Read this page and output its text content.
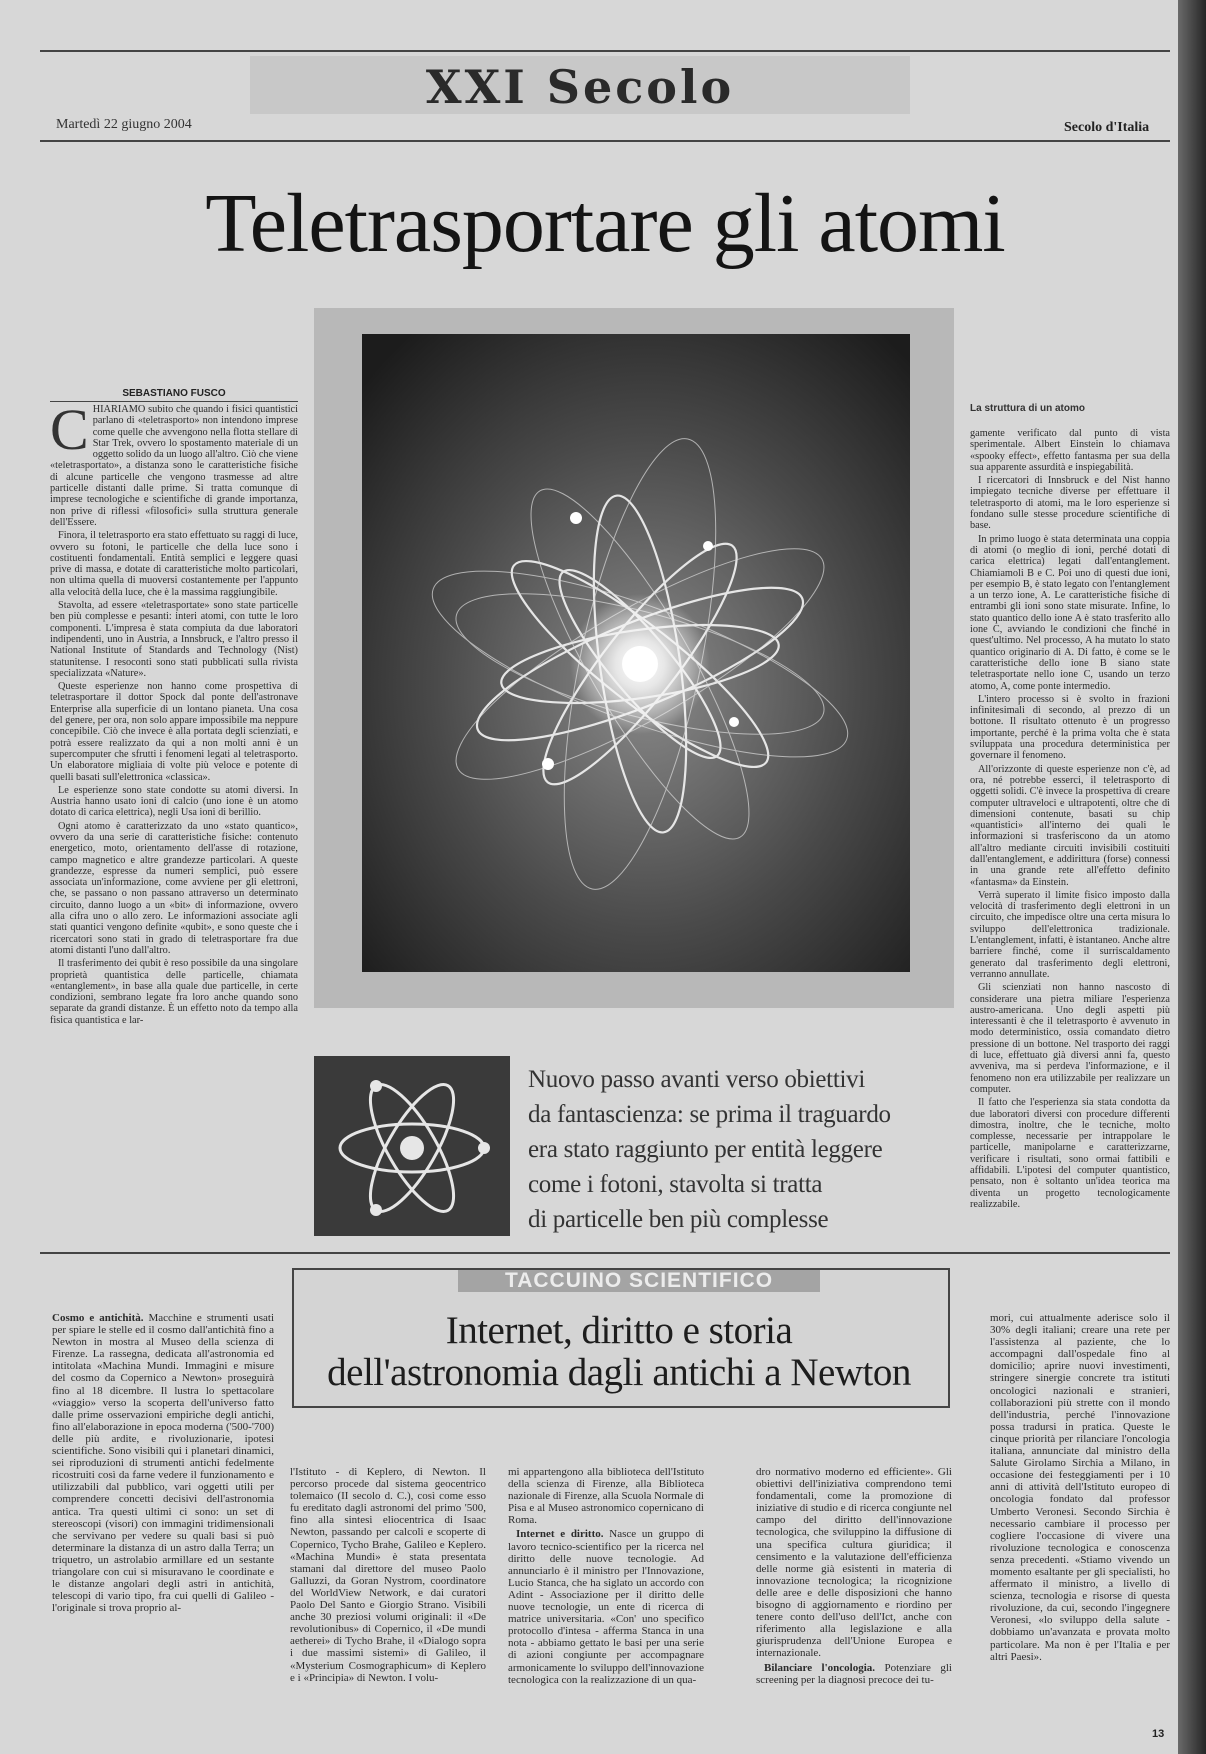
XXI Secolo
Martedì 22 giugno 2004	Secolo d'Italia
Teletrasportare gli atomi
SEBASTIANO FUSCO
C HIARIAMO subito che quando i fisici quantistici parlano di «teletrasporto» non intendono imprese come quelle che avvengono nella flotta stellare di Star Trek, ovvero lo spostamento materiale di un oggetto solido da un luogo all'altro. Ciò che viene «teletrasportato», a distanza sono le caratteristiche fisiche di alcune particelle che vengono trasmesse ad altre particelle distanti dalle prime. Si tratta comunque di imprese tecnologiche e scientifiche di grande importanza, non prive di riflessi «filosofici» sulla struttura generale dell'Essere.

Finora, il teletrasporto era stato effettuato su raggi di luce, ovvero su fotoni, le particelle che della luce sono i costituenti fondamentali. Entità semplici e leggere quasi prive di massa, e dotate di caratteristiche molto particolari, non ultima quella di muoversi costantemente per l'appunto alla velocità della luce, che è la massima raggiungibile.

Stavolta, ad essere «teletrasportate» sono state particelle ben più complesse e pesanti: interi atomi, con tutte le loro componenti. L'impresa è stata compiuta da due laboratori indipendenti, uno in Austria, a Innsbruck, e l'altro presso il National Institute of Standards and Technology (Nist) statunitense. I resoconti sono stati pubblicati sulla rivista specializzata «Nature».

Queste esperienze non hanno come prospettiva di teletrasportare il dottor Spock dal ponte dell'astronave Enterprise alla superficie di un lontano pianeta. Una cosa del genere, per ora, non solo appare impossibile ma neppure concepibile. Ciò che invece è alla portata degli scienziati, e potrà essere realizzato da qui a non molti anni è un supercomputer che sfrutti i fenomeni legati al teletrasporto. Un elaboratore migliaia di volte più veloce e potente di quelli basati sull'elettronica «classica».

Le esperienze sono state condotte su atomi diversi. In Austria hanno usato ioni di calcio (uno ione è un atomo dotato di carica elettrica), negli Usa ioni di berillio.

Ogni atomo è caratterizzato da uno «stato quantico», ovvero da una serie di caratteristiche fisiche: contenuto energetico, moto, orientamento dell'asse di rotazione, campo magnetico e altre grandezze particolari. A queste grandezze, espresse da numeri semplici, può essere associata un'informazione, come avviene per gli elettroni, che, se passano o non passano attraverso un determinato circuito, danno luogo a un «bit» di informazione, ovvero alla cifra uno o allo zero. Le informazioni associate agli stati quantici vengono definite «qubit», e sono queste che i ricercatori sono stati in grado di teletrasportare fra due atomi distanti l'uno dall'altro.

Il trasferimento dei qubit è reso possibile da una singolare proprietà quantistica delle particelle, chiamata «entanglement», in base alla quale due particelle, in certe condizioni, sembrano legate fra loro anche quando sono separate da grandi distanze. È un effetto noto da tempo alla fisica quantistica e lar-

La struttura di un atomo

gamente verificato dal punto di vista sperimentale. Albert Einstein lo chiamava «spooky effect», effetto fantasma per sua della sua apparente assurdità e inspiegabilità.

I ricercatori di Innsbruck e del Nist hanno impiegato tecniche diverse per effettuare il teletrasporto di atomi, ma le loro esperienze si fondano sulle stesse procedure scientifiche di base.

In primo luogo è stata determinata una coppia di atomi (o meglio di ioni, perché dotati di carica elettrica) legati dall'entanglement. Chiamiamoli B e C. Poi uno di questi due ioni, per esempio B, è stato legato con l'entanglement a un terzo ione, A. Le caratteristiche fisiche di entrambi gli ioni sono state misurate. Infine, lo stato quantico dello ione A è stato trasferito allo ione C, avviando le condizioni che finché in quest'ultimo. Nel processo, A ha mutato lo stato quantico originario di A. Di fatto, è come se le caratteristiche dello ione B siano state teletrasportate nello ione C, usando un terzo atomo, A, come ponte intermedio.

L'intero processo si è svolto in frazioni infinitesimali di secondo, al prezzo di un bottone. Il risultato ottenuto è un progresso importante, perché è la prima volta che è stata sviluppata una procedura deterministica per governare il fenomeno.

All'orizzonte di queste esperienze non c'è, ad ora, né potrebbe esserci, il teletrasporto di oggetti solidi. C'è invece la prospettiva di creare computer ultraveloci e ultrapotenti, oltre che di dimensioni contenute, basati su chip «quantistici» all'interno dei quali le informazioni si trasferiscono da un atomo all'altro mediante circuiti invisibili costituiti dall'entanglement, e addirittura (forse) connessi in una grande rete all'effetto definito «fantasma» da Einstein.

Verrà superato il limite fisico imposto dalla velocità di trasferimento degli elettroni in un circuito, che impedisce oltre una certa misura lo sviluppo dell'elettronica tradizionale. L'entanglement, infatti, è istantaneo. Anche altre barriere finché, come il surriscaldamento generato dal trasferimento degli elettroni, verranno annullate.

Gli scienziati non hanno nascosto di considerare una pietra miliare l'esperienza austro-americana. Uno degli aspetti più interessanti è che il teletrasporto è avvenuto in modo deterministico, ossia comandato dietro pressione di un bottone. Nel trasporto dei raggi di luce, effettuato già diversi anni fa, questo avveniva, ma si perdeva l'informazione, e il fenomeno non era utilizzabile per realizzare un computer.

Il fatto che l'esperienza sia stata condotta da due laboratori diversi con procedure differenti dimostra, inoltre, che le tecniche, molto complesse, necessarie per intrappolare le particelle, manipolarne e caratterizzarne, verificare i risultati, sono ormai fattibili e affidabili. L'ipotesi del computer quantistico, pensato, non è soltanto un'idea teorica ma diventa un progetto tecnologicamente realizzabile.

Nuovo passo avanti verso obiettivi
da fantascienza: se prima il traguardo
era stato raggiunto per entità leggere
come i fotoni, stavolta si tratta
di particelle ben più complesse
TACCUINO SCIENTIFICO
Internet, diritto e storia
dell'astronomia dagli antichi a Newton

Cosmo e antichità. Macchine e strumenti usati per spiare le stelle ed il cosmo dall'antichità fino a Newton in mostra al Museo della scienza di Firenze. La rassegna, dedicata all'astronomia ed intitolata «Machina Mundi. Immagini e misure del cosmo da Copernico a Newton» proseguirà fino al 18 dicembre. Il lustra lo spettacolare «viaggio» verso la scoperta dell'universo fatto dalle prime osservazioni empiriche degli antichi, fino all'elaborazione in epoca moderna ('500-'700) delle più ardite, e rivoluzionarie, ipotesi scientifiche. Sono visibili qui i planetari dinamici, sei riproduzioni di strumenti antichi fedelmente ricostruiti così da farne vedere il funzionamento e utilizzabili dal pubblico, vari oggetti utili per comprendere concetti decisivi dell'astronomia antica. Tra questi ultimi ci sono: un set di stereoscopi (visori) con immagini tridimensionali che servivano per vedere su quali basi si può determinare la distanza di un astro dalla Terra; un triquetro, un astrolabio armillare ed un sestante triangolare con cui si misuravano le coordinate e le distanze angolari degli astri in antichità, telescopi di vario tipo, fra cui quelli di Galileo - l'originale si trova proprio al-

l'Istituto - di Keplero, di Newton. Il percorso procede dal sistema geocentrico tolemaico (II secolo d. C.), così come esso fu ereditato dagli astronomi del primo '500, fino alla sintesi eliocentrica di Isaac Newton, passando per calcoli e scoperte di Copernico, Tycho Brahe, Galileo e Keplero. «Machina Mundi» è stata presentata stamani dal direttore del museo Paolo Galluzzi, da Goran Nystrom, coordinatore del WorldView Network, e dai curatori Paolo Del Santo e Giorgio Strano. Visibili anche 30 preziosi volumi originali: il «De revolutionibus» di Copernico, il «De mundi aetherei» di Tycho Brahe, il «Dialogo sopra i due massimi sistemi» di Galileo, il «Mysterium Cosmographicum» di Keplero e i «Principia» di Newton. I volu-

mi appartengono alla biblioteca dell'Istituto della scienza di Firenze, alla Biblioteca nazionale di Firenze, alla Scuola Normale di Pisa e al Museo astronomico copernicano di Roma.

Internet e diritto. Nasce un gruppo di lavoro tecnico-scientifico per la ricerca nel diritto delle nuove tecnologie. Ad annunciarlo è il ministro per l'Innovazione, Lucio Stanca, che ha siglato un accordo con Adint - Associazione per il diritto delle nuove tecnologie, un ente di ricerca di matrice universitaria. «Con' uno specifico protocollo d'intesa - afferma Stanca in una nota - abbiamo gettato le basi per una serie di azioni congiunte per accompagnare armonicamente lo sviluppo dell'innovazione tecnologica con la realizzazione di un qua-

dro normativo moderno ed efficiente». Gli obiettivi dell'iniziativa comprendono temi fondamentali, come la promozione di iniziative di studio e di ricerca congiunte nel campo del diritto dell'innovazione tecnologica, che sviluppino la diffusione di una specifica cultura giuridica; il censimento e la valutazione dell'efficienza delle norme già esistenti in materia di innovazione tecnologica; la ricognizione delle aree e delle disposizioni che hanno bisogno di aggiornamento e riordino per tenere conto dell'uso dell'Ict, anche con riferimento alla legislazione e alla giurisprudenza dell'Unione Europea e internazionale.

Bilanciare l'oncologia. Potenziare gli screening per la diagnosi precoce dei tu-

mori, cui attualmente aderisce solo il 30% degli italiani; creare una rete per l'assistenza al paziente, che lo accompagni dall'ospedale fino al domicilio; aprire nuovi investimenti, stringere sinergie concrete tra istituti oncologici nazionali e stranieri, collaborazioni più strette con il mondo dell'industria, perché l'innovazione possa tradursi in pratica. Queste le cinque priorità per rilanciare l'oncologia italiana, annunciate dal ministro della Salute Girolamo Sirchia a Milano, in occasione dei festeggiamenti per i 10 anni di attività dell'Istituto europeo di oncologia fondato dal professor Umberto Veronesi. Secondo Sirchia è necessario cambiare il processo per cogliere l'occasione di vivere una rivoluzione tecnologica e conoscenza senza precedenti. «Stiamo vivendo un momento esaltante per gli specialisti, ho affermato il ministro, a livello di scienza, tecnologia e risorse di questa rivoluzione, da cui, secondo l'ingegnere Veronesi, «lo sviluppo della salute - dobbiamo un'avanzata e provata molto particolare. Ma non è per l'Italia e per altri Paesi».

13
